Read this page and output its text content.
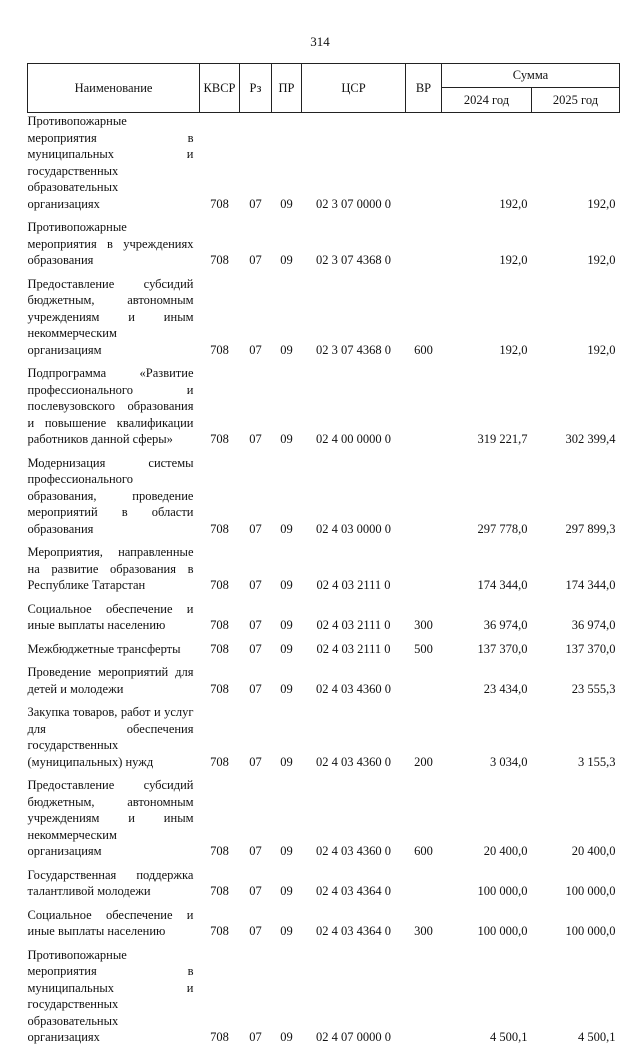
314
Наименование	КВСР	Рз	ПР	ЦСР	ВР	Сумма	
						2024 год	2025 год
Противопожарные мероприятия в муниципальных и государственных образовательных организациях	708	07	09	02 3 07 0000 0		192,0	192,0
Противопожарные мероприятия в учреждениях образования	708	07	09	02 3 07 4368 0		192,0	192,0
Предоставление субсидий бюджетным, автономным учреждениям и иным некоммерческим организациям	708	07	09	02 3 07 4368 0	600	192,0	192,0
Подпрограмма «Развитие профессионального и послевузовского образования и повышение квалификации работников данной сферы»	708	07	09	02 4 00 0000 0		319 221,7	302 399,4
Модернизация системы профессионального образования, проведение мероприятий в области образования	708	07	09	02 4 03 0000 0		297 778,0	297 899,3
Мероприятия, направленные на развитие образования в Республике Татарстан	708	07	09	02 4 03 2111 0		174 344,0	174 344,0
Социальное обеспечение и иные выплаты населению	708	07	09	02 4 03 2111 0	300	36 974,0	36 974,0
Межбюджетные трансферты	708	07	09	02 4 03 2111 0	500	137 370,0	137 370,0
Проведение мероприятий для детей и молодежи	708	07	09	02 4 03 4360 0		23 434,0	23 555,3
Закупка товаров, работ и услуг для обеспечения государственных (муниципальных) нужд	708	07	09	02 4 03 4360 0	200	3 034,0	3 155,3
Предоставление субсидий бюджетным, автономным учреждениям и иным некоммерческим организациям	708	07	09	02 4 03 4360 0	600	20 400,0	20 400,0
Государственная поддержка талантливой молодежи	708	07	09	02 4 03 4364 0		100 000,0	100 000,0
Социальное обеспечение и иные выплаты населению	708	07	09	02 4 03 4364 0	300	100 000,0	100 000,0
Противопожарные мероприятия в муниципальных и государственных образовательных организациях	708	07	09	02 4 07 0000 0		4 500,1	4 500,1
